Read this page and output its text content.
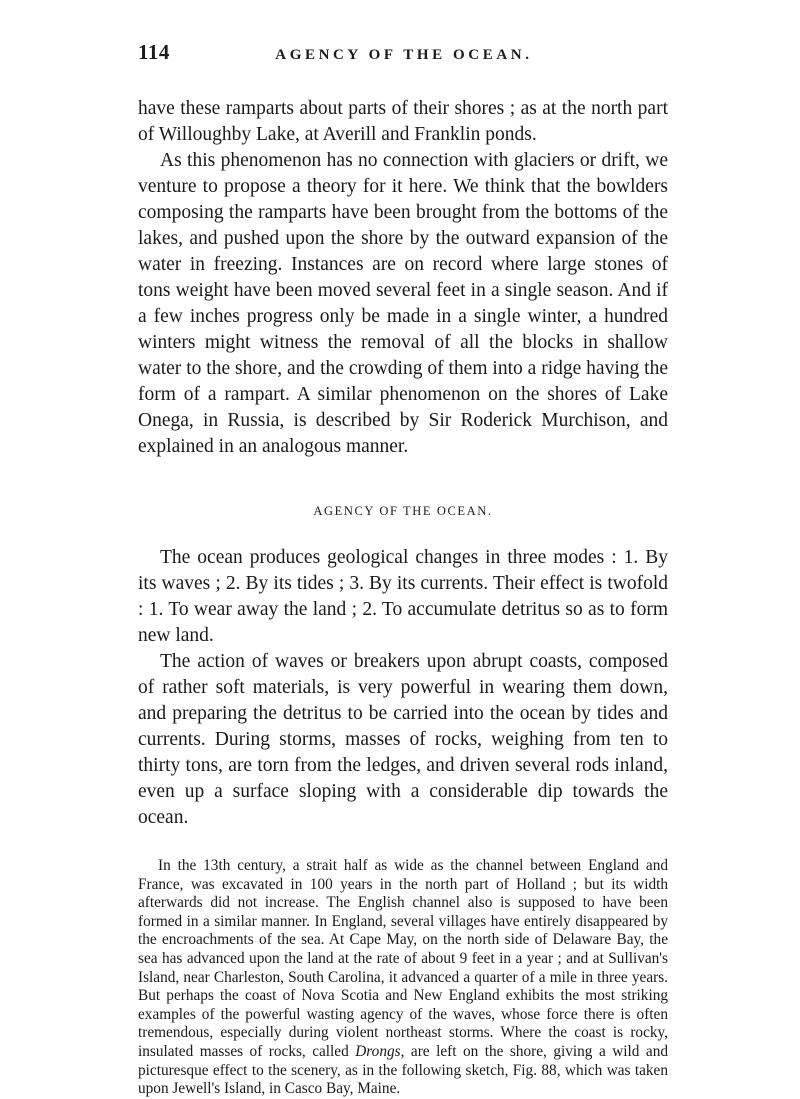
114	AGENCY OF THE OCEAN.

have these ramparts about parts of their shores ; as at the north part of Willoughby Lake, at Averill and Franklin ponds.

As this phenomenon has no connection with glaciers or drift, we venture to propose a theory for it here. We think that the bowlders composing the ramparts have been brought from the bottoms of the lakes, and pushed upon the shore by the outward expansion of the water in freezing. Instances are on record where large stones of tons weight have been moved several feet in a single season. And if a few inches progress only be made in a single winter, a hundred winters might witness the removal of all the blocks in shallow water to the shore, and the crowding of them into a ridge having the form of a rampart. A similar phenomenon on the shores of Lake Onega, in Russia, is described by Sir Roderick Murchison, and explained in an analogous manner.

AGENCY OF THE OCEAN.

The ocean produces geological changes in three modes : 1. By its waves ; 2. By its tides ; 3. By its currents. Their effect is twofold : 1. To wear away the land ; 2. To accumulate detritus so as to form new land.

The action of waves or breakers upon abrupt coasts, composed of rather soft materials, is very powerful in wearing them down, and preparing the detritus to be carried into the ocean by tides and currents. During storms, masses of rocks, weighing from ten to thirty tons, are torn from the ledges, and driven several rods inland, even up a surface sloping with a considerable dip towards the ocean.

In the 13th century, a strait half as wide as the channel between England and France, was excavated in 100 years in the north part of Holland ; but its width afterwards did not increase. The English channel also is supposed to have been formed in a similar manner. In England, several villages have entirely disappeared by the encroachments of the sea. At Cape May, on the north side of Delaware Bay, the sea has advanced upon the land at the rate of about 9 feet in a year ; and at Sullivan's Island, near Charleston, South Carolina, it advanced a quarter of a mile in three years. But perhaps the coast of Nova Scotia and New England exhibits the most striking examples of the powerful wasting agency of the waves, whose force there is often tremendous, especially during violent northeast storms. Where the coast is rocky, insulated masses of rocks, called Drongs, are left on the shore, giving a wild and picturesque effect to the scenery, as in the following sketch, Fig. 88, which was taken upon Jewell's Island, in Casco Bay, Maine.
